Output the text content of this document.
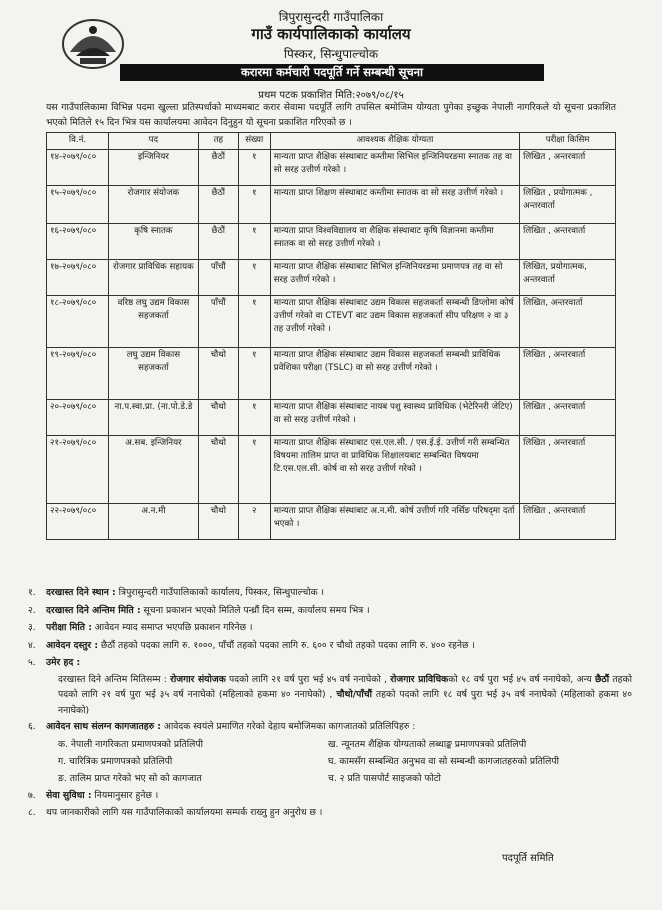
त्रिपुरासुन्दरी गाउँपालिका
गाउँ कार्यपालिकाको कार्यालय
पिस्कर, सिन्धुपाल्चोक
करारमा कर्मचारी पदपूर्ति गर्ने सम्बन्धी सूचना
प्रथम पटक प्रकाशित मिति:२०७९/०८/१५
यस गाउँपालिकामा विभिन्न पदमा खुल्ला प्रतिस्पर्धाको माध्यमबाट करार सेवामा पदपूर्ति लागि तपसिल बमोजिम योग्यता पुगेका इच्छुक नेपाली नागरिकले यो सूचना प्रकाशित भएको मितिले १५ दिन भित्र यस कार्यालयमा आवेदन दिनुहुन यो सूचना प्रकाशित गरिएको छ ।
वि.नं.	पद	तह	संख्या	आवश्यक शैक्षिक योग्यता	परीक्षा किसिम
१४-२०७९/०८०	इन्जिनियर	छैठौं	१	मान्यता प्राप्त शैक्षिक संस्थाबाट कम्तीमा सिभिल इन्जिनियरङमा स्नातक तह वा सो सरह उत्तीर्ण गरेको ।	लिखित , अन्तरवार्ता
१५-२०७९/०८०	रोजगार संयोजक	छैठौं	१	मान्यता प्राप्त शिक्षण संस्थाबाट कम्तीमा स्नातक वा सो सरह उत्तीर्ण गरेको ।	लिखित , प्रयोगात्मक , अन्तरवार्ता
१६-२०७९/०८०	कृषि स्नातक	छैठौं	१	मान्यता प्राप्त विश्वविद्यालय वा शैक्षिक संस्थाबाट कृषि विज्ञानमा कम्तीमा स्नातक वा सो सरह उत्तीर्ण गरेको ।	लिखित , अन्तरवार्ता
१७-२०७९/०८०	रोजगार प्राविधिक सहायक	पाँचौं	१	मान्यता प्राप्त शैक्षिक संस्थाबाट सिभिल इन्जिनियरङमा प्रमाणपत्र तह वा सो सरह उत्तीर्ण गरेको ।	लिखित, प्रयोगात्मक, अन्तरवार्ता
१८-२०७९/०८०	वरिष्ठ लघु उद्यम विकास सहजकर्ता	पाँचौं	१	मान्यता प्राप्त शैक्षिक संस्थाबाट उद्यम विकास सहजकर्ता सम्बन्धी डिप्लोमा कोर्ष उत्तीर्ण गरेको वा CTEVT बाट उद्यम विकास सहजकर्ता सीप परिक्षण २ वा ३ तह उत्तीर्ण गरेको ।	लिखित, अन्तरवार्ता
१९-२०७९/०८०	लघु उद्यम विकास सहजकर्ता	चौथो	१	मान्यता प्राप्त शैक्षिक संस्थाबाट उद्यम विकास सहजकर्ता सम्बन्धी प्राविधिक प्रवेशिका परीक्षा (TSLC) वा सो सरह उत्तीर्ण गरेको ।	लिखित , अन्तरवार्ता
२०-२०७९/०८०	ना.प.स्वा.प्रा. (ना.पो.डे.डे	चौथो	१	मान्यता प्राप्त शैक्षिक संस्थाबाट नायब पशु स्वास्थ्य प्राविधिक (भेटेरिनरी जेटिए) वा सो सरह उत्तीर्ण गरेको ।	लिखित , अन्तरवार्ता
२१-२०७९/०८०	अ.सब. इन्जिनियर	चौथो	१	मान्यता प्राप्त शैक्षिक संस्थाबाट एस.एल.सी. / एस.ई.ई. उत्तीर्ण गरी सम्बन्धित विषयमा तालिम प्राप्त वा प्राविधिक शिक्षालयबाट सम्बन्धित विषयमा टि.एस.एल.सी. कोर्ष वा सो सरह उत्तीर्ण गरेको ।	लिखित , अन्तरवार्ता
२२-२०७९/०८०	अ.न.मी	चौथो	२	मान्यता प्राप्त शैक्षिक संस्थाबाट अ.न.मी. कोर्ष उत्तीर्ण गरि नर्सिङ परिषद्‌मा दर्ता भएको ।	लिखित , अन्तरवार्ता
१.	दरखास्त दिने स्थान : त्रिपुरासुन्दरी गाउँपालिकाको कार्यालय, पिस्कर, सिन्धुपाल्चोक ।
२.	दरखास्त दिने अन्तिम मिति : सूचना प्रकाशन भएको मितिले पन्ध्रौं दिन सम्म, कार्यालय समय भित्र ।
३.	परीक्षा मिति : आवेदन म्याद समाप्त भएपछि प्रकाशन गरिनेछ ।
४.	आवेदन दस्तुर : छैठौं तहको पदका लागि रु. १०००, पाँचौं तहको पदका लागि रु. ६०० र चौथो तहको पदका लागि रु. ४०० रहनेछ ।
५.	उमेर हद :
दरखास्त दिने अन्तिम मितिसम्म : रोजगार संयोजक पदको लागि २१ वर्ष पुरा भई ४५ वर्ष ननाघेको , रोजगार प्राविधिकको १८ वर्ष पुरा भई ४५ वर्ष ननाघेको, अन्य छैठौं तहको पदको लागि २१ वर्ष पुरा भई ३५ वर्ष ननाघेको (महिलाको हकमा ४० ननाघेको) , चौथो/पाँचौं तहको पदको लागि १८ वर्ष पुरा भई ३५ वर्ष ननाघेको (महिलाको हकमा ४० ननाघेको)
६.	आवेदन साथ संलग्न कागजातहरु : आवेदक स्वयंले प्रमाणित गरेको देहाय बमोजिमका कागजातको प्रतिलिपिहरु :
क. नेपाली नागरिकता प्रमाणपत्रको प्रतिलिपी	ख. न्यूनतम शैक्षिक योग्यताको लब्धाङ्क प्रमाणपत्रको प्रतिलिपी
ग. चारित्रिक प्रमाणपत्रको प्रतिलिपी	घ. कामसँग सम्बन्धित अनुभव वा सो सम्बन्धी कागजातहरुको प्रतिलिपी
ङ. तालिम प्राप्त गरेको भए सो को कागजात	च. २ प्रति पासपोर्ट साइजको फोटो
७.	सेवा सुविधा : नियमानुसार हुनेछ ।
८.	थप जानकारीको लागि यस गाउँपालिकाको कार्यालयमा सम्पर्क राख्नु हुन अनुरोध छ ।
पदपूर्ति समिति
